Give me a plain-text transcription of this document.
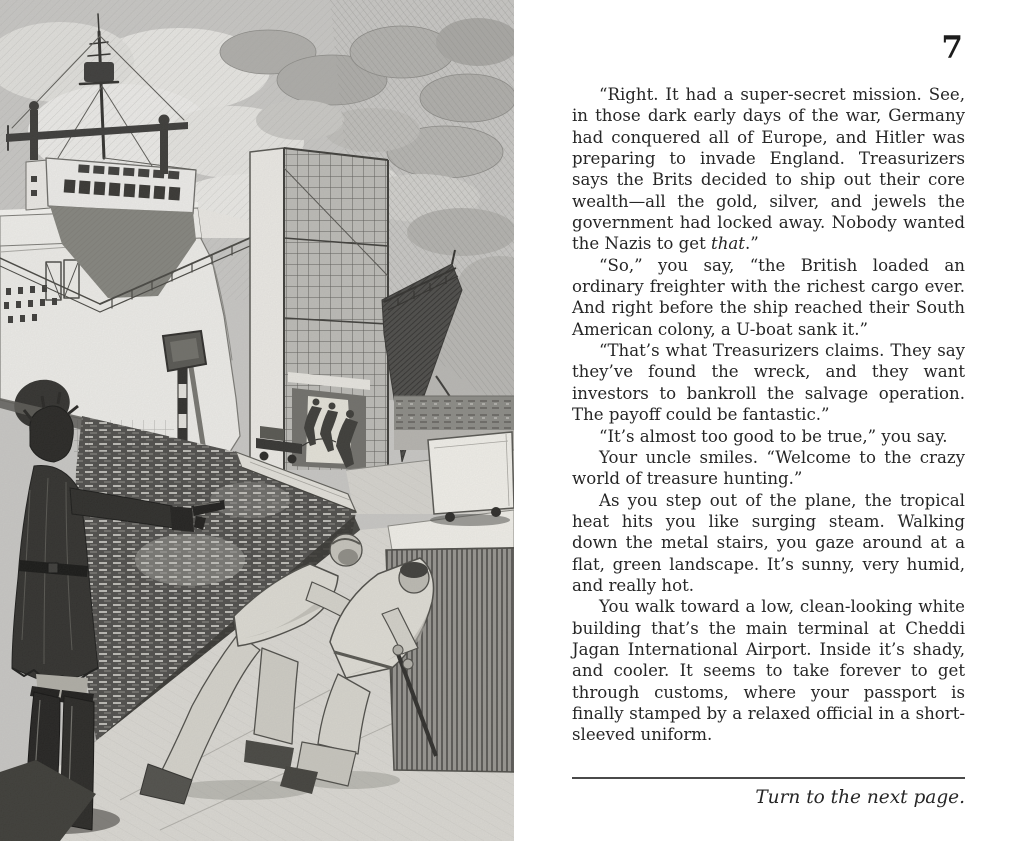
7

“Right. It had a super-secret mission. See, in those dark early days of the war, Germany had conquered all of Europe, and Hitler was preparing to invade England. Treasurizers says the Brits decided to ship out their core wealth—all the gold, silver, and jewels the government had locked away. Nobody wanted the Nazis to get that.”

“So,” you say, “the British loaded an ordinary freighter with the richest cargo ever. And right before the ship reached their South American colony, a U-boat sank it.”

“That’s what Treasurizers claims. They say they’ve found the wreck, and they want investors to bankroll the salvage operation. The payoff could be fantastic.”

“It’s almost too good to be true,” you say.

Your uncle smiles. “Welcome to the crazy world of treasure hunting.”

As you step out of the plane, the tropical heat hits you like surging steam. Walking down the metal stairs, you gaze around at a flat, green landscape. It’s sunny, very humid, and really hot.

You walk toward a low, clean-looking white building that’s the main terminal at Cheddi Jagan International Airport. Inside it’s shady, and cooler. It seems to take forever to get through customs, where your passport is finally stamped by a relaxed official in a short-sleeved uniform.

Turn to the next page.
